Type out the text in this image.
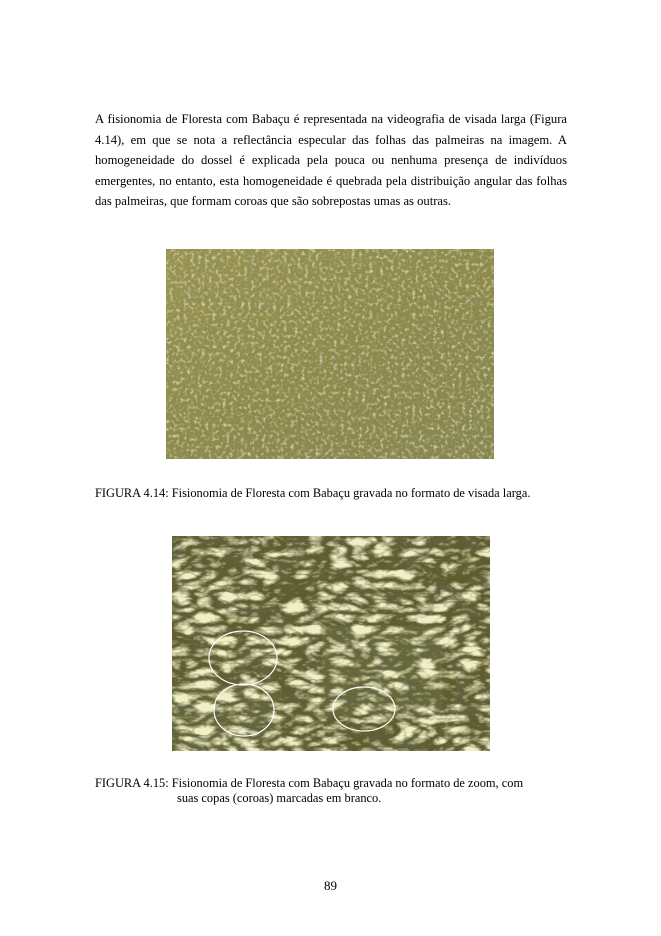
A fisionomia de Floresta com Babaçu é representada na videografia de visada larga (Figura 4.14), em que se nota a reflectância especular das folhas das palmeiras na imagem. A homogeneidade do dossel é explicada pela pouca ou nenhuma presença de indivíduos emergentes, no entanto, esta homogeneidade é quebrada pela distribuição angular das folhas das palmeiras, que formam coroas que são sobrepostas umas as outras.

FIGURA 4.14: Fisionomia de Floresta com Babaçu gravada no formato de visada larga.

FIGURA 4.15: Fisionomia de Floresta com Babaçu gravada no formato de zoom, com

suas copas (coroas) marcadas em branco.

89
